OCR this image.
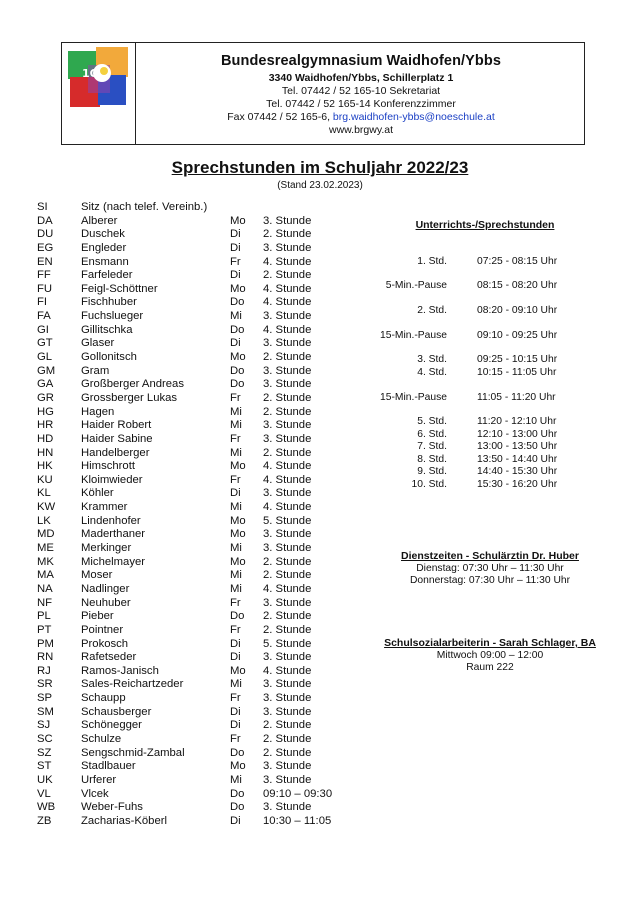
1O
Bundesrealgymnasium Waidhofen/Ybbs
3340 Waidhofen/Ybbs, Schillerplatz 1
Tel. 07442 / 52 165-10 Sekretariat
Tel. 07442 / 52 165-14 Konferenzzimmer
Fax 07442 / 52 165-6, brg.waidhofen-ybbs@noeschule.at
www.brgwy.at
Sprechstunden im Schuljahr 2022/23
(Stand 23.02.2023)
SI	Sitz (nach telef. Vereinb.)
DA	Alberer	Mo 3. Stunde
DU Duschek	Di 2. Stunde
EG Engleder	Di 3. Stunde
EN	Ensmann	Fr 4. Stunde
FF	Farfeleder	Di 2. Stunde
FU	Feigl-Schöttner	Mo 4. Stunde
FI	Fischhuber	Do 4. Stunde
FA	Fuchslueger	Mi 3. Stunde
GI	Gillitschka	Do 4. Stunde
GT	Glaser	Di 3. Stunde
GL	Gollonitsch	Mo 2. Stunde
GM Gram	Do 3. Stunde
GA Großberger Andreas	Do 3. Stunde
GR Grossberger Lukas	Fr 2. Stunde
HG Hagen	Mi 2. Stunde
HR Haider Robert	Mi 3. Stunde
HD Haider Sabine	Fr 3. Stunde
HN Handelberger	Mi 2. Stunde
HK	Himschrott	Mo 4. Stunde
KU	Kloimwieder	Fr 4. Stunde
KL	Köhler	Di 3. Stunde
KW Krammer	Mi 4. Stunde
LK	Lindenhofer	Mo 5. Stunde
MD Maderthaner	Mo 3. Stunde
ME Merkinger	Mi 3. Stunde
MK Michelmayer	Mo 2. Stunde
MA Moser	Mi 2. Stunde
NA	Nadlinger	Mi 4. Stunde
NF	Neuhuber	Fr 3. Stunde
PL	Pieber	Do 2. Stunde
PT	Pointner	Fr 2. Stunde
PM Prokosch	Di 5. Stunde
RN Rafetseder	Di 3. Stunde
RJ	Ramos-Janisch	Mo 4. Stunde
SR	Sales-Reichartzeder	Mi 3. Stunde
SP	Schaupp	Fr 3. Stunde
SM Schausberger	Di 3. Stunde
SJ	Schönegger	Di 2. Stunde
SC	Schulze	Fr 2. Stunde
SZ	Sengschmid-Zambal	Do 2. Stunde
ST	Stadlbauer	Mo 3. Stunde
UK	Urferer	Mi 3. Stunde
VL	Vlcek	Do 09:10 – 09:30
WB Weber-Fuhs	Do 3. Stunde
ZB	Zacharias-Köberl	Di 10:30 – 11:05
Unterrichts-/Sprechstunden
1. Std.	07:25 - 08:15 Uhr
5-Min.-Pause	08:15 - 08:20 Uhr
2. Std.	08:20 - 09:10 Uhr
15-Min.-Pause	09:10 - 09:25 Uhr
3. Std.	09:25 - 10:15 Uhr
4. Std.	10:15 - 11:05 Uhr
15-Min.-Pause	11:05 - 11:20 Uhr
5. Std.	11:20 - 12:10 Uhr
6. Std.	12:10 - 13:00 Uhr
7. Std.	13:00 - 13:50 Uhr
8. Std.	13:50 - 14:40 Uhr
9. Std.	14:40 - 15:30 Uhr
10. Std.	15:30 - 16:20 Uhr
Dienstzeiten - Schulärztin Dr. Huber
Dienstag: 07:30 Uhr – 11:30 Uhr
Donnerstag: 07:30 Uhr – 11:30 Uhr
Schulsozialarbeiterin - Sarah Schlager, BA
Mittwoch 09:00 – 12:00
Raum 222
